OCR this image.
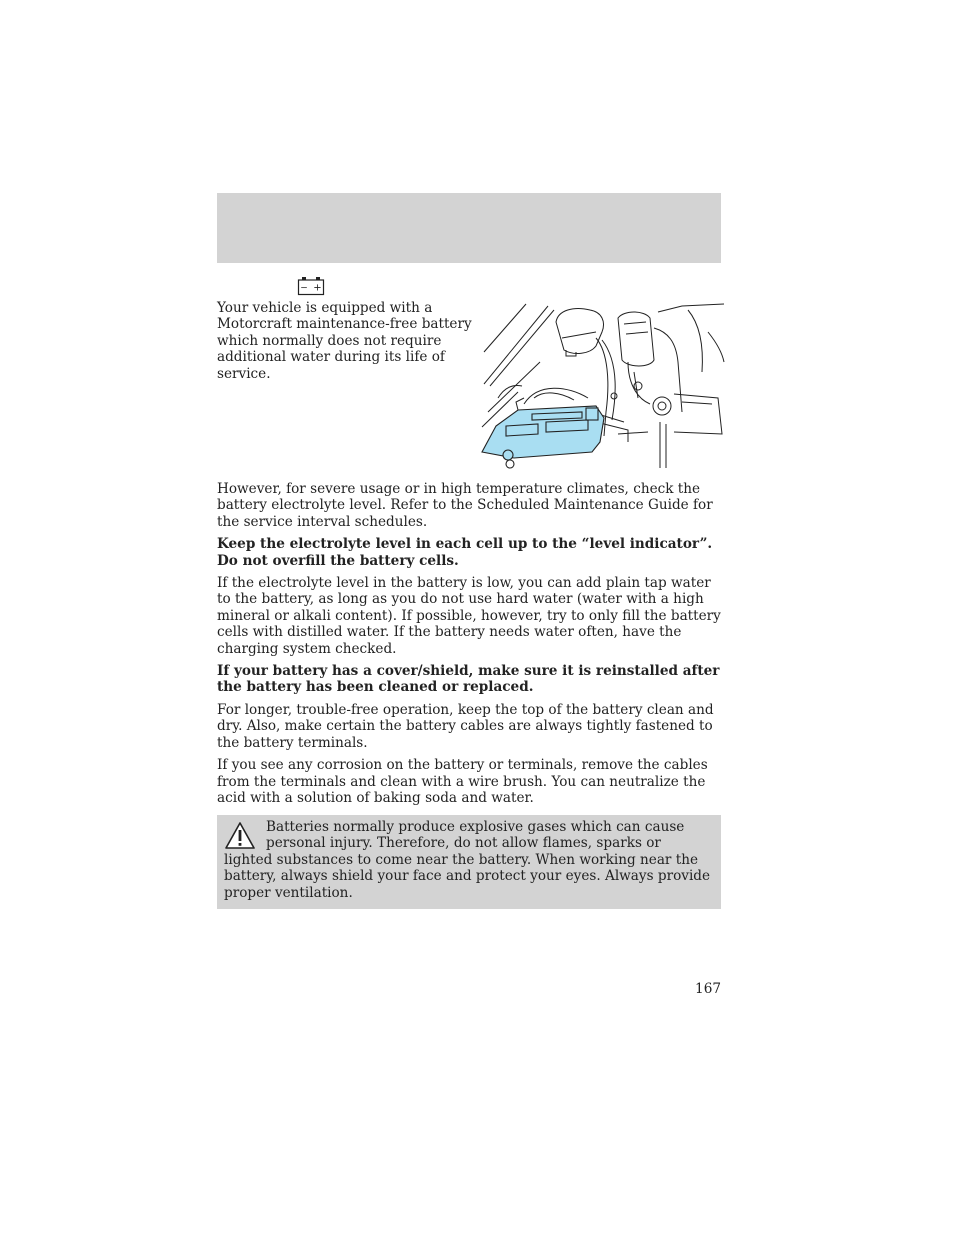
− +

Your vehicle is equipped with a Motorcraft maintenance-free battery which normally does not require additional water during its life of service.

However, for severe usage or in high temperature climates, check the battery electrolyte level. Refer to the Scheduled Maintenance Guide for the service interval schedules.

Keep the electrolyte level in each cell up to the “level indicator”. Do not overfill the battery cells.

If the electrolyte level in the battery is low, you can add plain tap water to the battery, as long as you do not use hard water (water with a high mineral or alkali content). If possible, however, try to only fill the battery cells with distilled water. If the battery needs water often, have the charging system checked.

If your battery has a cover/shield, make sure it is reinstalled after the battery has been cleaned or replaced.

For longer, trouble-free operation, keep the top of the battery clean and dry. Also, make certain the battery cables are always tightly fastened to the battery terminals.

If you see any corrosion on the battery or terminals, remove the cables from the terminals and clean with a wire brush. You can neutralize the acid with a solution of baking soda and water.

Batteries normally produce explosive gases which can cause personal injury. Therefore, do not allow flames, sparks or lighted substances to come near the battery. When working near the battery, always shield your face and protect your eyes. Always provide proper ventilation.

167
